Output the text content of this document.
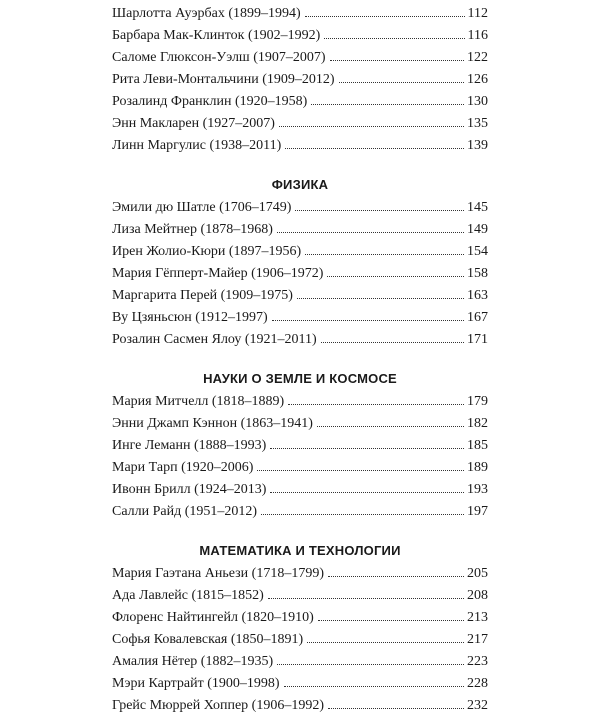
Шарлотта Ауэрбах (1899–1994)	112
Барбара Мак-Клинток (1902–1992)	116
Саломе Глюксон-Уэлш (1907–2007)	122
Рита Леви-Монтальчини (1909–2012)	126
Розалинд Франклин (1920–1958)	130
Энн Макларен (1927–2007)	135
Линн Маргулис (1938–2011)	139
ФИЗИКА
Эмили дю Шатле (1706–1749)	145
Лиза Мейтнер (1878–1968)	149
Ирен Жолио-Кюри (1897–1956)	154
Мария Гёпперт-Майер (1906–1972)	158
Маргарита Перей (1909–1975)	163
Ву Цзяньсюн (1912–1997)	167
Розалин Сасмен Ялоу (1921–2011)	171
НАУКИ О ЗЕМЛЕ И КОСМОСЕ
Мария Митчелл (1818–1889)	179
Энни Джамп Кэннон (1863–1941)	182
Инге Леманн (1888–1993)	185
Мари Тарп (1920–2006)	189
Ивонн Брилл (1924–2013)	193
Салли Райд (1951–2012)	197
МАТЕМАТИКА И ТЕХНОЛОГИИ
Мария Гаэтана Аньези (1718–1799)	205
Ада Лавлейс (1815–1852)	208
Флоренс Найтингейл (1820–1910)	213
Софья Ковалевская (1850–1891)	217
Амалия Нётер (1882–1935)	223
Мэри Картрайт (1900–1998)	228
Грейс Мюррей Хоппер (1906–1992)	232
